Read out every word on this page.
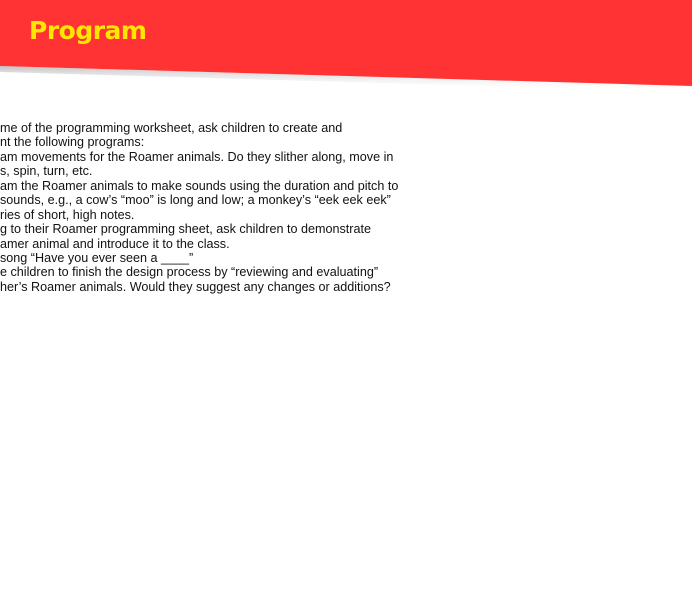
Program
me of the programming worksheet, ask children to create and
nt the following programs:
am movements for the Roamer animals. Do they slither along, move in
s, spin, turn, etc.
am the Roamer animals to make sounds using the duration and pitch to
sounds, e.g., a cow’s “moo” is long and low; a monkey’s “eek eek eek”
ries of short, high notes.
g to their Roamer programming sheet, ask children to demonstrate
amer animal and introduce it to the class.
song “Have you ever seen a ____”
e children to finish the design process by “reviewing and evaluating”
her’s Roamer animals. Would they suggest any changes or additions?
